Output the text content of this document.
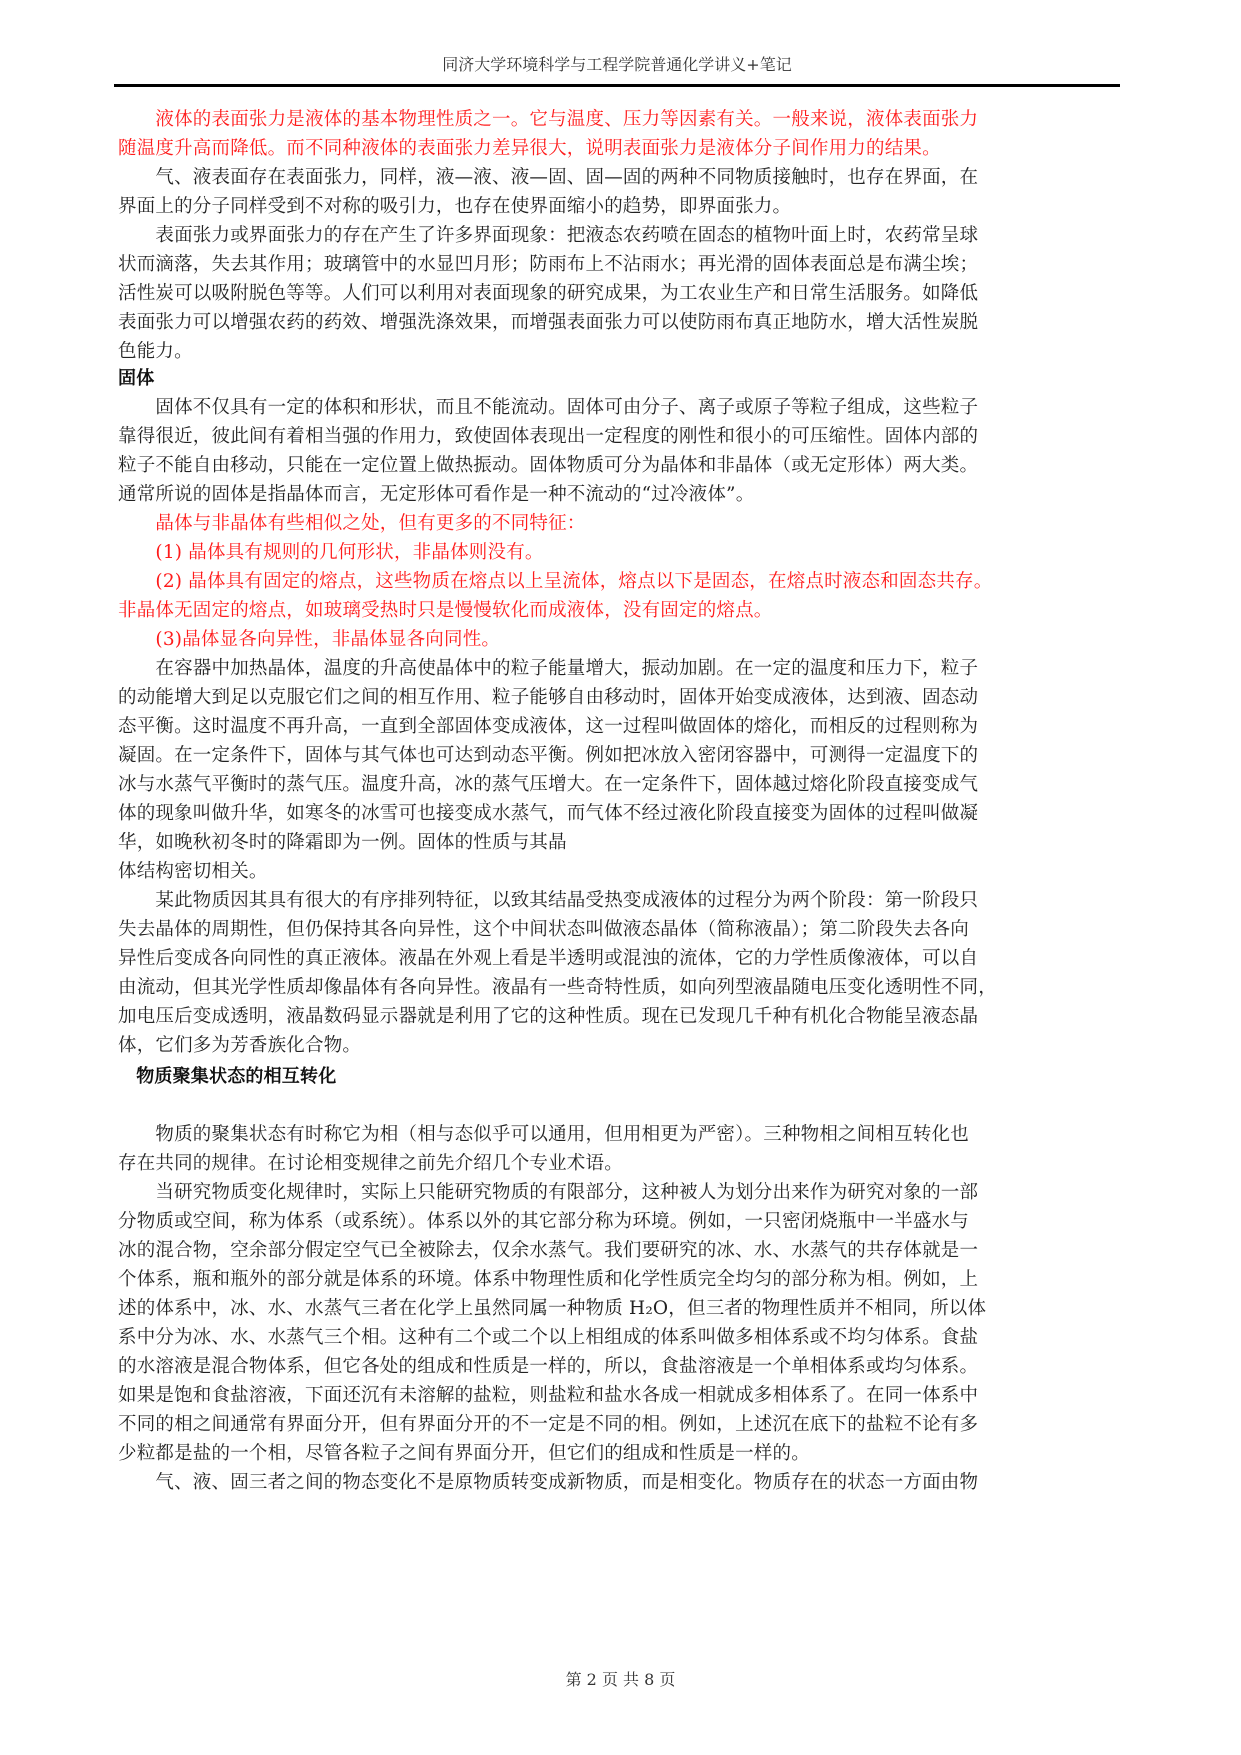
同济大学环境科学与工程学院普通化学讲义+笔记
　　液体的表面张力是液体的基本物理性质之一。它与温度、压力等因素有关。一般来说，液体表面张力
随温度升高而降低。而不同种液体的表面张力差异很大，说明表面张力是液体分子间作用力的结果。
　　气、液表面存在表面张力，同样，液—液、液—固、固—固的两种不同物质接触时，也存在界面，在
界面上的分子同样受到不对称的吸引力，也存在使界面缩小的趋势，即界面张力。
　　表面张力或界面张力的存在产生了许多界面现象：把液态农药喷在固态的植物叶面上时，农药常呈球
状而滴落，失去其作用；玻璃管中的水显凹月形；防雨布上不沾雨水；再光滑的固体表面总是布满尘埃；
活性炭可以吸附脱色等等。人们可以利用对表面现象的研究成果，为工农业生产和日常生活服务。如降低
表面张力可以增强农药的药效、增强洗涤效果，而增强表面张力可以使防雨布真正地防水，增大活性炭脱
色能力。
固体
　　固体不仅具有一定的体积和形状，而且不能流动。固体可由分子、离子或原子等粒子组成，这些粒子
靠得很近，彼此间有着相当强的作用力，致使固体表现出一定程度的刚性和很小的可压缩性。固体内部的
粒子不能自由移动，只能在一定位置上做热振动。固体物质可分为晶体和非晶体（或无定形体）两大类。
通常所说的固体是指晶体而言，无定形体可看作是一种不流动的“过冷液体”。
　　晶体与非晶体有些相似之处，但有更多的不同特征：
　　(1) 晶体具有规则的几何形状，非晶体则没有。
　　(2) 晶体具有固定的熔点，这些物质在熔点以上呈流体，熔点以下是固态，在熔点时液态和固态共存。
非晶体无固定的熔点，如玻璃受热时只是慢慢软化而成液体，没有固定的熔点。
　　(3)晶体显各向异性，非晶体显各向同性。
　　在容器中加热晶体，温度的升高使晶体中的粒子能量增大，振动加剧。在一定的温度和压力下，粒子
的动能增大到足以克服它们之间的相互作用、粒子能够自由移动时，固体开始变成液体，达到液、固态动
态平衡。这时温度不再升高，一直到全部固体变成液体，这一过程叫做固体的熔化，而相反的过程则称为
凝固。在一定条件下，固体与其气体也可达到动态平衡。例如把冰放入密闭容器中，可测得一定温度下的
冰与水蒸气平衡时的蒸气压。温度升高，冰的蒸气压增大。在一定条件下，固体越过熔化阶段直接变成气
体的现象叫做升华，如寒冬的冰雪可也接变成水蒸气，而气体不经过液化阶段直接变为固体的过程叫做凝
华，如晚秋初冬时的降霜即为一例。固体的性质与其晶
体结构密切相关。
　　某此物质因其具有很大的有序排列特征，以致其结晶受热变成液体的过程分为两个阶段：第一阶段只
失去晶体的周期性，但仍保持其各向异性，这个中间状态叫做液态晶体（简称液晶）；第二阶段失去各向
异性后变成各向同性的真正液体。液晶在外观上看是半透明或混浊的流体，它的力学性质像液体，可以自
由流动，但其光学性质却像晶体有各向异性。液晶有一些奇特性质，如向列型液晶随电压变化透明性不同，
加电压后变成透明，液晶数码显示器就是利用了它的这种性质。现在已发现几千种有机化合物能呈液态晶
体，它们多为芳香族化合物。
　物质聚集状态的相互转化
　　物质的聚集状态有时称它为相（相与态似乎可以通用，但用相更为严密）。三种物相之间相互转化也
存在共同的规律。在讨论相变规律之前先介绍几个专业术语。
　　当研究物质变化规律时，实际上只能研究物质的有限部分，这种被人为划分出来作为研究对象的一部
分物质或空间，称为体系（或系统）。体系以外的其它部分称为环境。例如，一只密闭烧瓶中一半盛水与
冰的混合物，空余部分假定空气已全被除去，仅余水蒸气。我们要研究的冰、水、水蒸气的共存体就是一
个体系，瓶和瓶外的部分就是体系的环境。体系中物理性质和化学性质完全均匀的部分称为相。例如，上
述的体系中，冰、水、水蒸气三者在化学上虽然同属一种物质 H₂O，但三者的物理性质并不相同，所以体
系中分为冰、水、水蒸气三个相。这种有二个或二个以上相组成的体系叫做多相体系或不均匀体系。食盐
的水溶液是混合物体系，但它各处的组成和性质是一样的，所以，食盐溶液是一个单相体系或均匀体系。
如果是饱和食盐溶液，下面还沉有未溶解的盐粒，则盐粒和盐水各成一相就成多相体系了。在同一体系中
不同的相之间通常有界面分开，但有界面分开的不一定是不同的相。例如，上述沉在底下的盐粒不论有多
少粒都是盐的一个相，尽管各粒子之间有界面分开，但它们的组成和性质是一样的。
　　气、液、固三者之间的物态变化不是原物质转变成新物质，而是相变化。物质存在的状态一方面由物
第 2 页 共 8 页
